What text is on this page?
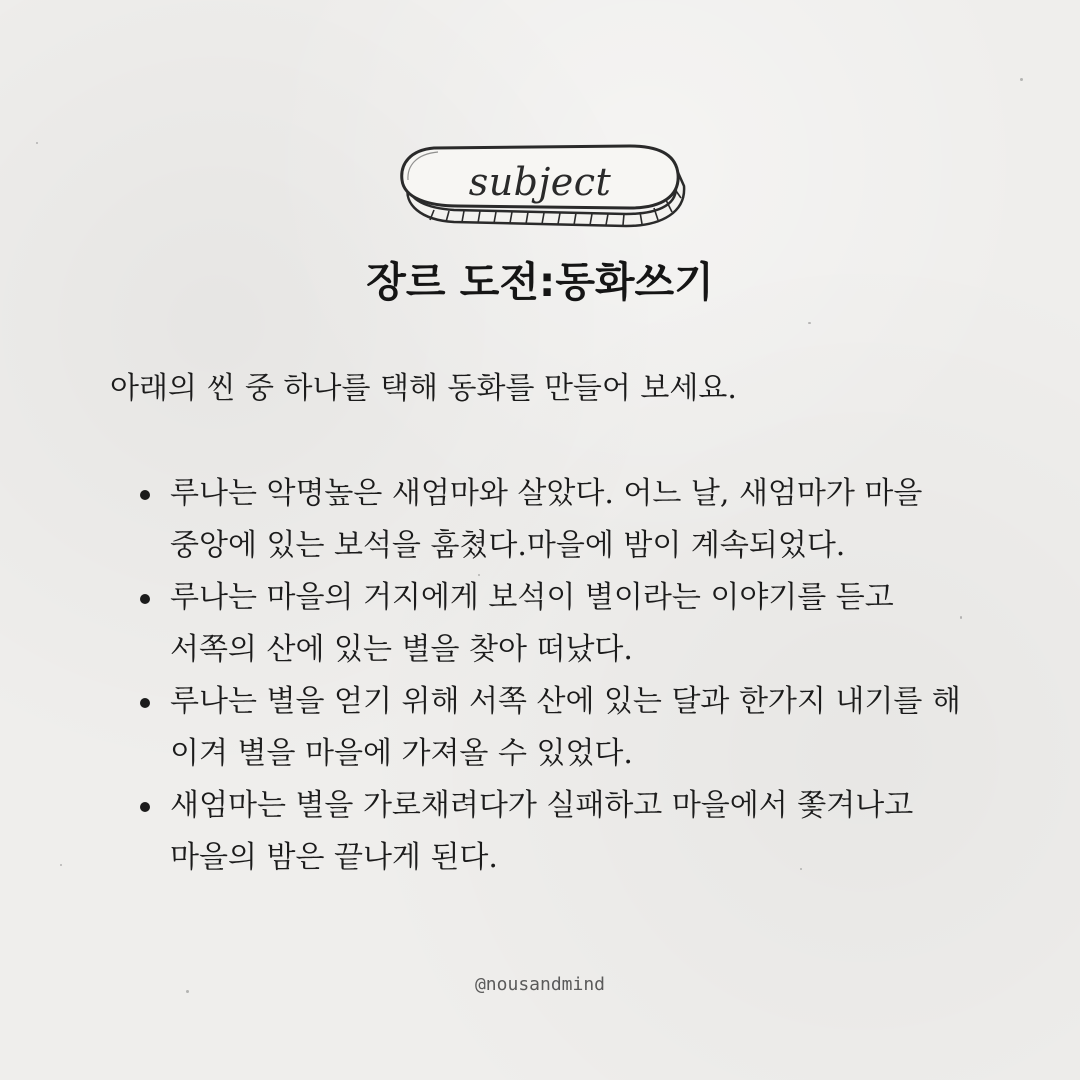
subject
장르 도전:동화쓰기
아래의 씬 중 하나를 택해 동화를 만들어 보세요.
루나는 악명높은 새엄마와 살았다. 어느 날, 새엄마가 마을 중앙에 있는 보석을 훔쳤다.마을에 밤이 계속되었다.
루나는 마을의 거지에게 보석이 별이라는 이야기를 듣고 서쪽의 산에 있는 별을 찾아 떠났다.
루나는 별을 얻기 위해 서쪽 산에 있는 달과 한가지 내기를 해 이겨 별을 마을에 가져올 수 있었다.
새엄마는 별을 가로채려다가 실패하고 마을에서 쫓겨나고 마을의 밤은 끝나게 된다.
@nousandmind
